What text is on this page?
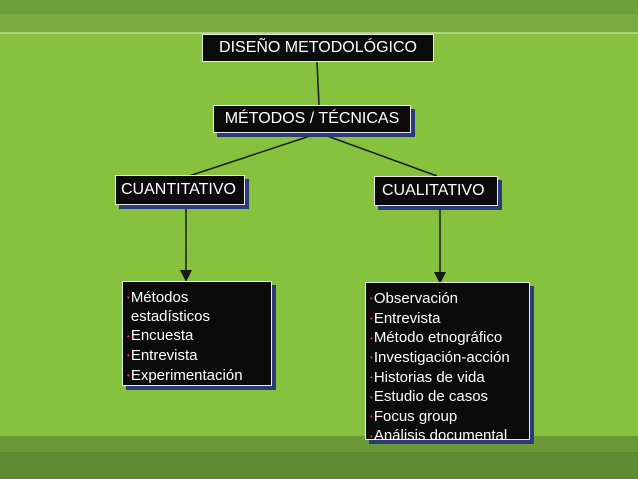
DISEÑO METODOLÓGICO
MÉTODOS / TÉCNICAS
CUANTITATIVO	CUALITATIVO
•Métodos estadísticos
•Encuesta
•Entrevista
•Experimentación
•Observación
•Entrevista
•Método etnográfico
•Investigación-acción
•Historias de vida
•Estudio de casos
•Focus group
•Análisis documental
